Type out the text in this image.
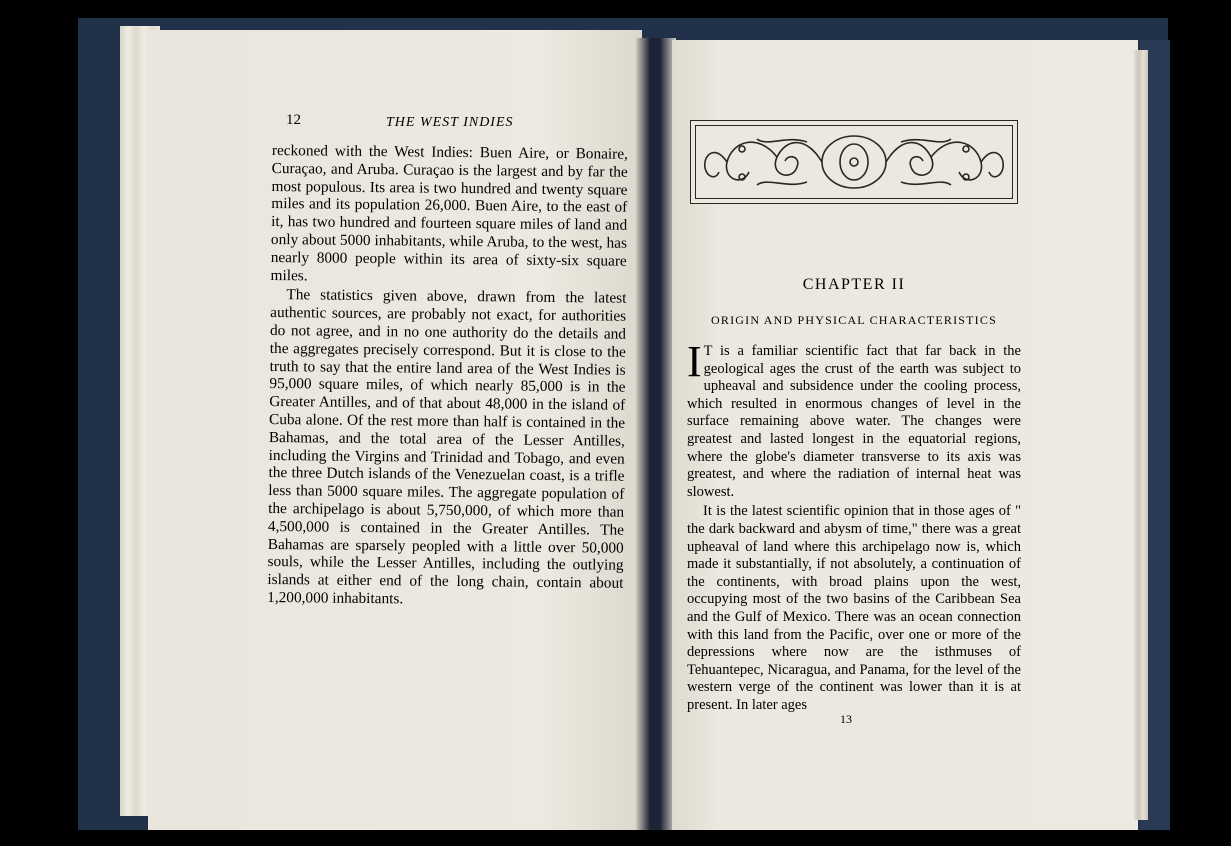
12	THE WEST INDIES

reckoned with the West Indies: Buen Aire, or Bonaire, Curaçao, and Aruba. Curaçao is the largest and by far the most populous. Its area is two hundred and twenty square miles and its population 26,000. Buen Aire, to the east of it, has two hundred and fourteen square miles of land and only about 5000 inhabitants, while Aruba, to the west, has nearly 8000 people within its area of sixty-six square miles.

The statistics given above, drawn from the latest authentic sources, are probably not exact, for authorities do not agree, and in no one authority do the details and the aggregates precisely correspond. But it is close to the truth to say that the entire land area of the West Indies is 95,000 square miles, of which nearly 85,000 is in the Greater Antilles, and of that about 48,000 in the island of Cuba alone. Of the rest more than half is contained in the Bahamas, and the total area of the Lesser Antilles, including the Virgins and Trinidad and Tobago, and even the three Dutch islands of the Venezuelan coast, is a trifle less than 5000 square miles. The aggregate population of the archipelago is about 5,750,000, of which more than 4,500,000 is contained in the Greater Antilles. The Bahamas are sparsely peopled with a little over 50,000 souls, while the Lesser Antilles, including the outlying islands at either end of the long chain, contain about 1,200,000 inhabitants.

CHAPTER II
ORIGIN AND PHYSICAL CHARACTERISTICS

I T is a familiar scientific fact that far back in the geological ages the crust of the earth was subject to upheaval and subsidence under the cooling process, which resulted in enormous changes of level in the surface remaining above water. The changes were greatest and lasted longest in the equatorial regions, where the globe's diameter transverse to its axis was greatest, and where the radiation of internal heat was slowest.

It is the latest scientific opinion that in those ages of " the dark backward and abysm of time," there was a great upheaval of land where this archipelago now is, which made it substantially, if not absolutely, a continuation of the continents, with broad plains upon the west, occupying most of the two basins of the Caribbean Sea and the Gulf of Mexico. There was an ocean connection with this land from the Pacific, over one or more of the depressions where now are the isthmuses of Tehuantepec, Nicaragua, and Panama, for the level of the western verge of the continent was lower than it is at present. In later ages

13
